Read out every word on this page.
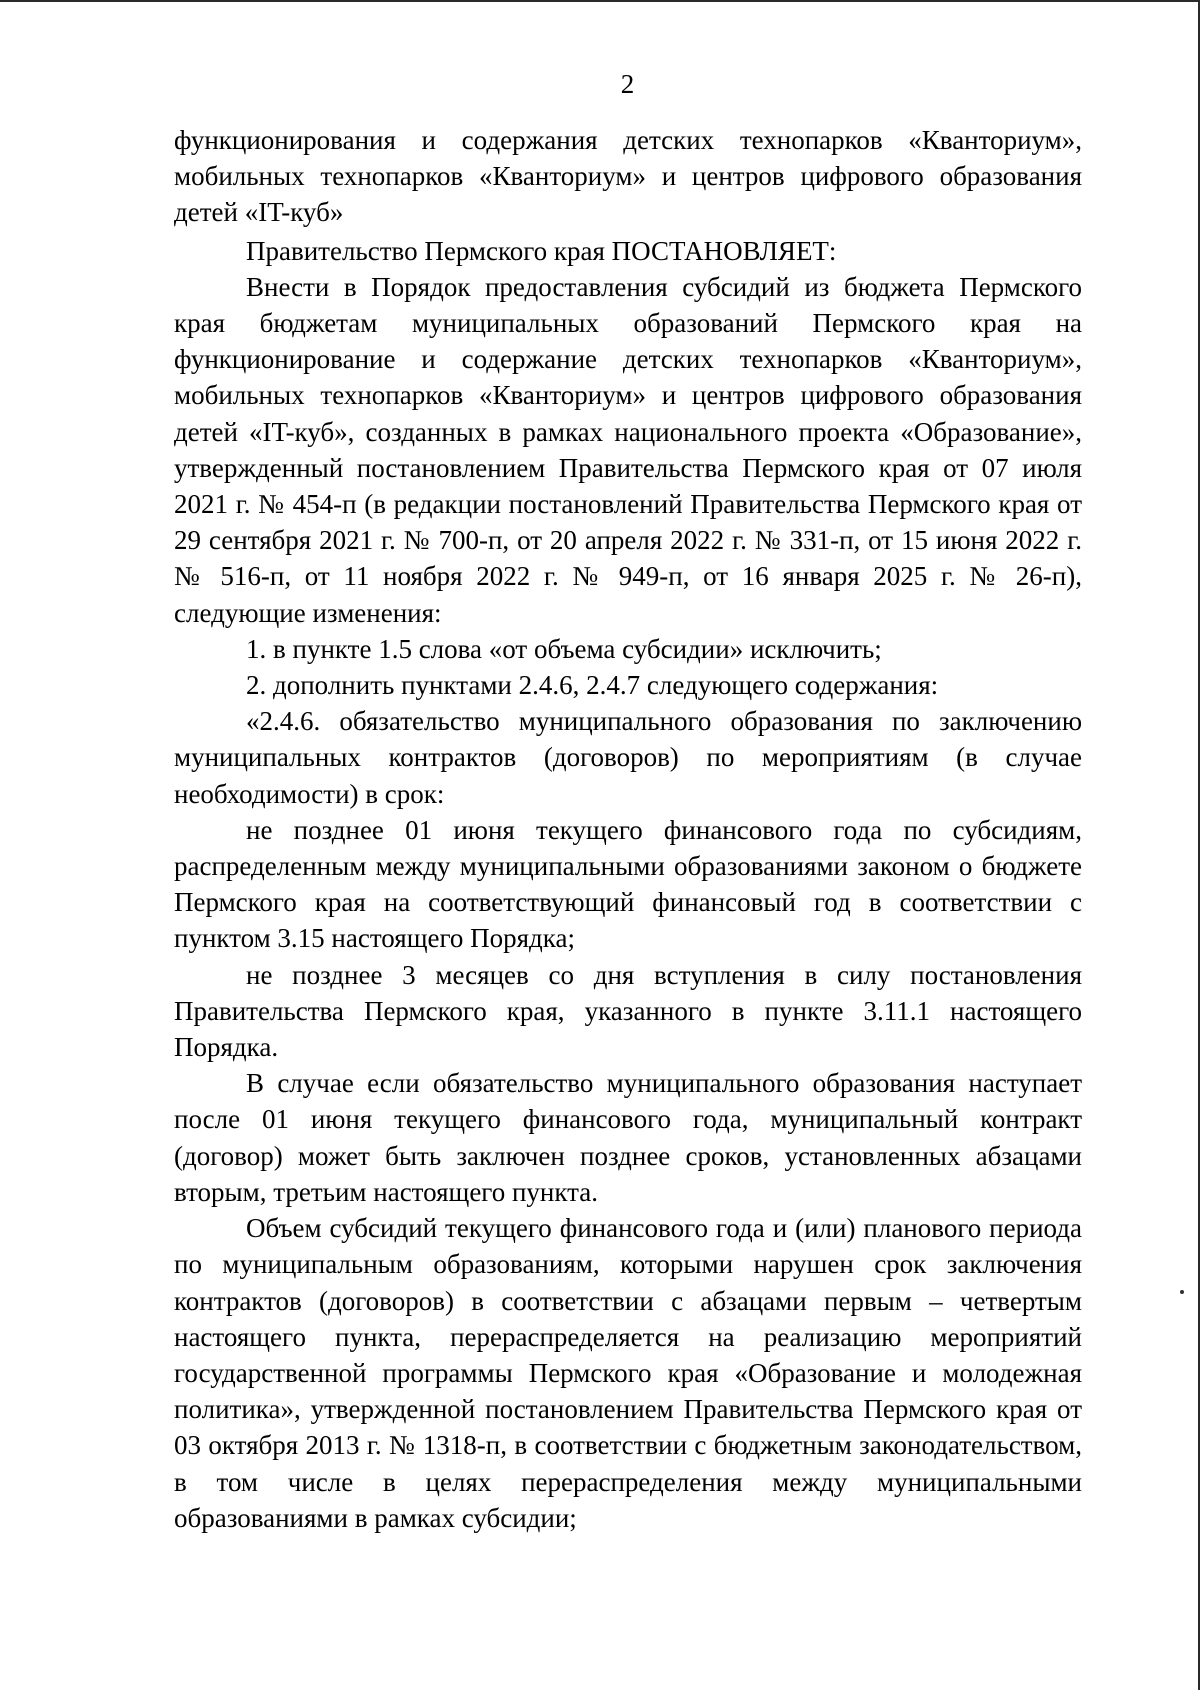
2

функционирования и содержания детских технопарков «Кванториум», мобильных технопарков «Кванториум» и центров цифрового образования детей «IT-куб»

Правительство Пермского края ПОСТАНОВЛЯЕТ:

Внести в Порядок предоставления субсидий из бюджета Пермского края бюджетам муниципальных образований Пермского края на функционирование и содержание детских технопарков «Кванториум», мобильных технопарков «Кванториум» и центров цифрового образования детей «IT-куб», созданных в рамках национального проекта «Образование», утвержденный постановлением Правительства Пермского края от 07 июля 2021 г. № 454-п (в редакции постановлений Правительства Пермского края от 29 сентября 2021 г. № 700-п, от 20 апреля 2022 г. № 331-п, от 15 июня 2022 г. № 516-п, от 11 ноября 2022 г. № 949-п, от 16 января 2025 г. № 26-п), следующие изменения:

1. в пункте 1.5 слова «от объема субсидии» исключить;

2. дополнить пунктами 2.4.6, 2.4.7 следующего содержания:

«2.4.6. обязательство муниципального образования по заключению муниципальных контрактов (договоров) по мероприятиям (в случае необходимости) в срок:

не позднее 01 июня текущего финансового года по субсидиям, распределенным между муниципальными образованиями законом о бюджете Пермского края на соответствующий финансовый год в соответствии с пунктом 3.15 настоящего Порядка;

не позднее 3 месяцев со дня вступления в силу постановления Правительства Пермского края, указанного в пункте 3.11.1 настоящего Порядка.

В случае если обязательство муниципального образования наступает после 01 июня текущего финансового года, муниципальный контракт (договор) может быть заключен позднее сроков, установленных абзацами вторым, третьим настоящего пункта.

Объем субсидий текущего финансового года и (или) планового периода по муниципальным образованиям, которыми нарушен срок заключения контрактов (договоров) в соответствии с абзацами первым – четвертым настоящего пункта, перераспределяется на реализацию мероприятий государственной программы Пермского края «Образование и молодежная политика», утвержденной постановлением Правительства Пермского края от 03 октября 2013 г. № 1318-п, в соответствии с бюджетным законодательством, в том числе в целях перераспределения между муниципальными образованиями в рамках субсидии;
